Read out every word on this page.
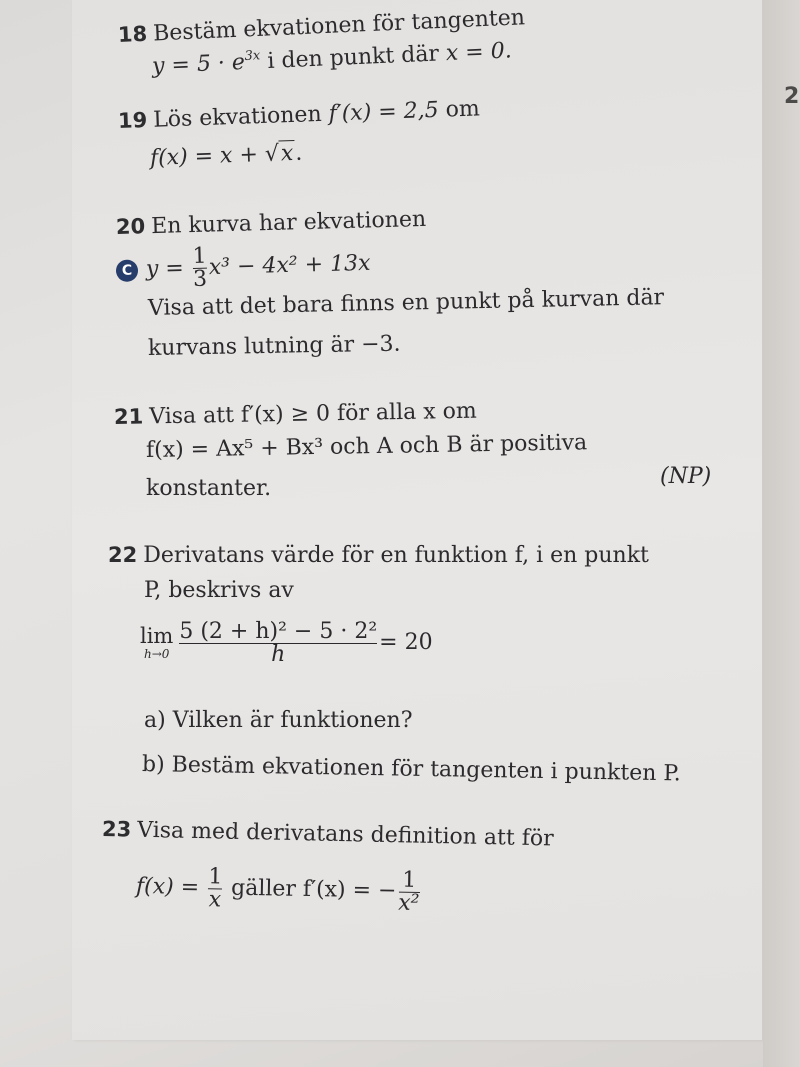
2
18 Bestäm ekvationen för tangenten
$y = 5 \cdot e^{3x}$ i den punkt där x = 0.
19 Lös ekvationen f′(x) = 2,5 om
f(x) = x + √x.
20 En kurva har ekvationen
C $y = \frac{1}{3} x^3 - 4x^2 + 13x$
Visa att det bara finns en punkt på kurvan där
kurvans lutning är −3.
21 Visa att f′(x) ≥ 0 för alla x om
f(x) = Ax⁵ + Bx³ och A och B är positiva
konstanter.	(NP)
22 Derivatans värde för en funktion f, i en punkt
P, beskrivs av
lim
$h\to 0 \frac{\text{5 (2 + h)² − 5 · 2²}}{h} = 20$
a) Vilken är funktionen?
b) Bestäm ekvationen för tangenten i punkten P.
23 Visa med derivatans definition att för
$f(x) = \frac{1}{x}$ gäller f′(x) = − $\frac{1}{\text{x²}}$
